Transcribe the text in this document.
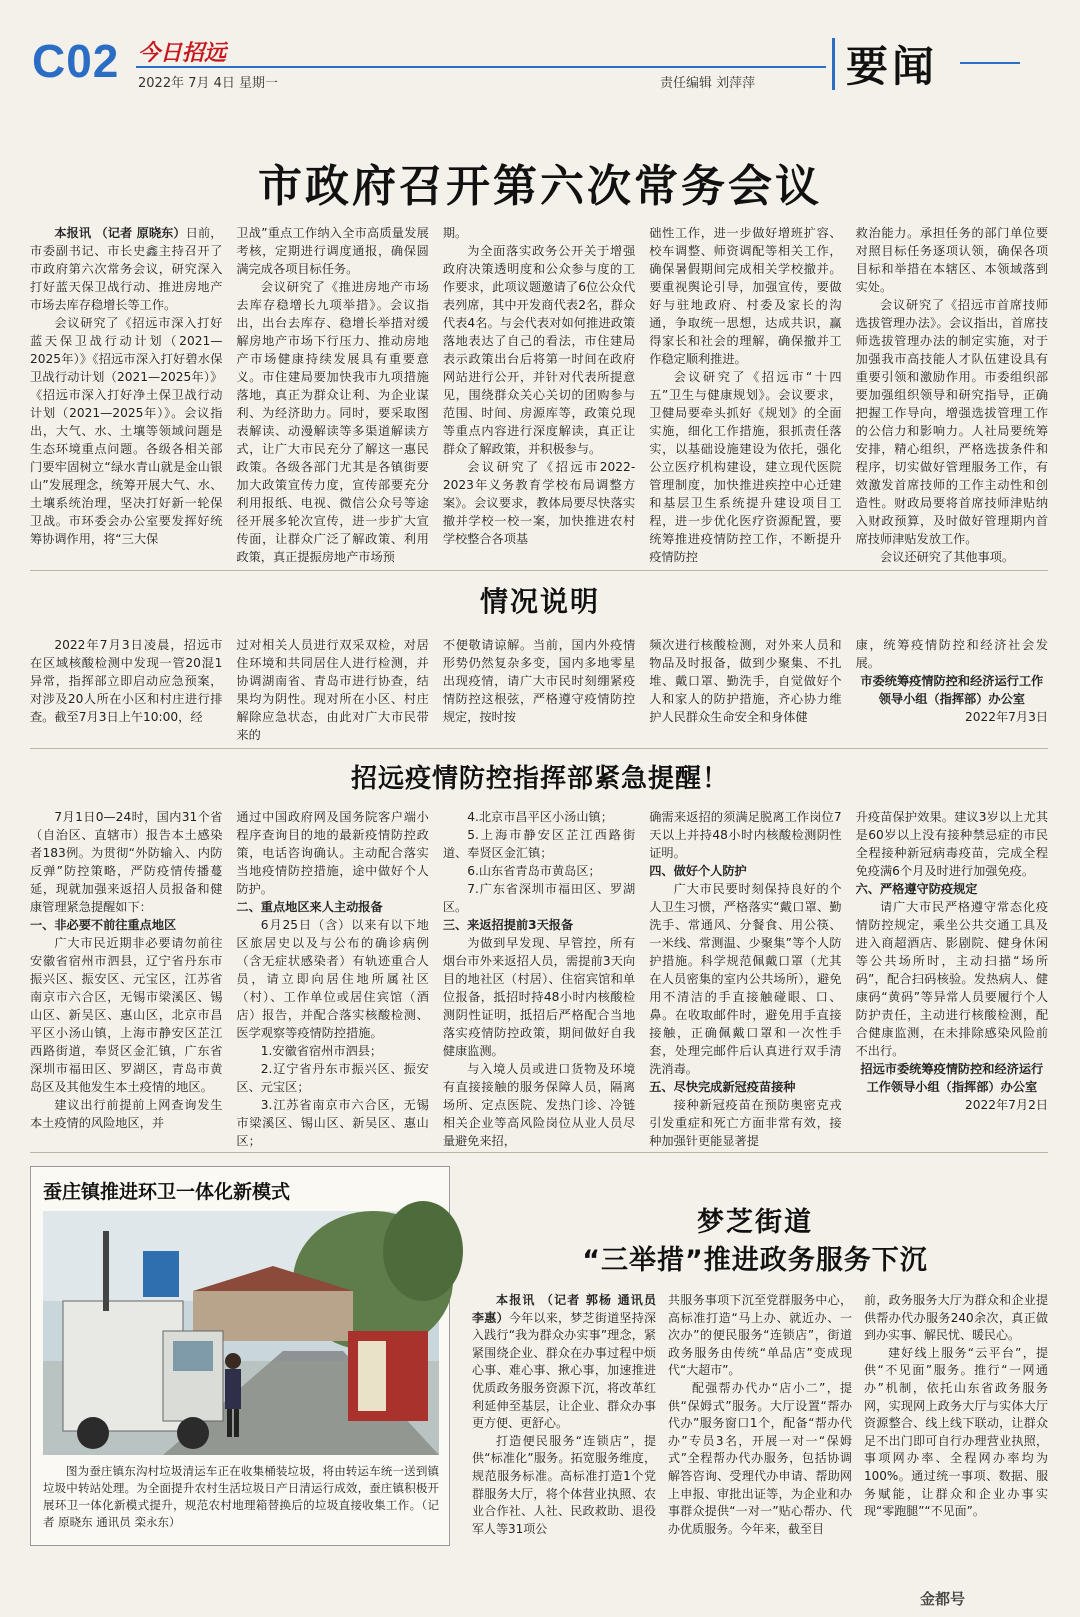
C02 今日招远
2022年 7月 4日 星期一	责任编辑 刘萍萍 要闻
市政府召开第六次常务会议

本报讯 （记者 原晓东）日前，市委副书记、市长史鑫主持召开了市政府第六次常务会议，研究深入打好蓝天保卫战行动、推进房地产市场去库存稳增长等工作。

会议研究了《招远市深入打好蓝天保卫战行动计划（2021—2025年）》《招远市深入打好碧水保卫战行动计划（2021—2025年）》《招远市深入打好净土保卫战行动计划（2021—2025年）》。会议指出，大气、水、土壤等领域问题是生态环境重点问题。各级各相关部门要牢固树立“绿水青山就是金山银山”发展理念，统筹开展大气、水、土壤系统治理，坚决打好新一轮保卫战。市环委会办公室要发挥好统筹协调作用，将“三大保

卫战”重点工作纳入全市高质量发展考核，定期进行调度通报，确保圆满完成各项目标任务。

会议研究了《推进房地产市场去库存稳增长九项举措》。会议指出，出台去库存、稳增长举措对缓解房地产市场下行压力、推动房地产市场健康持续发展具有重要意义。市住建局要加快我市九项措施落地，真正为群众让利、为企业谋利、为经济助力。同时，要采取图表解读、动漫解读等多渠道解读方式，让广大市民充分了解这一惠民政策。各级各部门尤其是各镇街要加大政策宣传力度，宣传部要充分利用报纸、电视、微信公众号等途径开展多轮次宣传，进一步扩大宣传面，让群众广泛了解政策、利用政策，真正提振房地产市场预

期。

为全面落实政务公开关于增强政府决策透明度和公众参与度的工作要求，此项议题邀请了6位公众代表列席，其中开发商代表2名，群众代表4名。与会代表对如何推进政策落地表达了自己的看法，市住建局表示政策出台后将第一时间在政府网站进行公开，并针对代表所提意见，围绕群众关心关切的团购参与范围、时间、房源库等，政策兑现等重点内容进行深度解读，真正让群众了解政策，并积极参与。

会议研究了《招远市2022-2023年义务教育学校布局调整方案》。会议要求，教体局要尽快落实撤并学校一校一案，加快推进农村学校整合各项基

础性工作，进一步做好增班扩容、校车调整、师资调配等相关工作，确保暑假期间完成相关学校撤并。要重视舆论引导，加强宣传，要做好与驻地政府、村委及家长的沟通，争取统一思想，达成共识，赢得家长和社会的理解，确保撤并工作稳定顺利推进。

会议研究了《招远市“十四五”卫生与健康规划》。会议要求，卫健局要牵头抓好《规划》的全面实施，细化工作措施，狠抓责任落实，以基础设施建设为依托，强化公立医疗机构建设，建立现代医院管理制度，加快推进疾控中心迁建和基层卫生系统提升建设项目工程，进一步优化医疗资源配置，要统筹推进疫情防控工作，不断提升疫情防控

救治能力。承担任务的部门单位要对照目标任务逐项认领，确保各项目标和举措在本辖区、本领域落到实处。

会议研究了《招远市首席技师选拔管理办法》。会议指出，首席技师选拔管理办法的制定实施，对于加强我市高技能人才队伍建设具有重要引领和激励作用。市委组织部要加强组织领导和研究指导，正确把握工作导向，增强选拔管理工作的公信力和影响力。人社局要统筹安排，精心组织，严格选拔条件和程序，切实做好管理服务工作，有效激发首席技师的工作主动性和创造性。财政局要将首席技师津贴纳入财政预算，及时做好管理期内首席技师津贴发放工作。

会议还研究了其他事项。

情况说明

2022年7月3日凌晨，招远市在区域核酸检测中发现一管20混1异常，指挥部立即启动应急预案，对涉及20人所在小区和村庄进行排查。截至7月3日上午10:00，经

过对相关人员进行双采双检，对居住环境和共同居住人进行检测，并协调湖南省、青岛市进行协查，结果均为阴性。现对所在小区、村庄解除应急状态，由此对广大市民带来的

不便敬请谅解。当前，国内外疫情形势仍然复杂多变，国内多地零星出现疫情，请广大市民时刻绷紧疫情防控这根弦，严格遵守疫情防控规定，按时按

频次进行核酸检测，对外来人员和物品及时报备，做到少聚集、不扎堆、戴口罩、勤洗手，自觉做好个人和家人的防护措施，齐心协力维护人民群众生命安全和身体健

康，统筹疫情防控和经济社会发展。

市委统筹疫情防控和经济运行工作领导小组（指挥部）办公室

2022年7月3日

招远疫情防控指挥部紧急提醒！

7月1日0—24时，国内31个省（自治区、直辖市）报告本土感染者183例。为贯彻“外防输入、内防反弹”防控策略，严防疫情传播蔓延，现就加强来返招人员报备和健康管理紧急提醒如下：

一、非必要不前往重点地区

广大市民近期非必要请勿前往安徽省宿州市泗县，辽宁省丹东市振兴区、振安区、元宝区，江苏省南京市六合区，无锡市梁溪区、锡山区、新吴区、惠山区，北京市昌平区小汤山镇，上海市静安区芷江西路街道，奉贤区金汇镇，广东省深圳市福田区、罗湖区，青岛市黄岛区及其他发生本土疫情的地区。

建议出行前提前上网查询发生本土疫情的风险地区，并

通过中国政府网及国务院客户端小程序查询目的地的最新疫情防控政策，电话咨询确认。主动配合落实当地疫情防控措施，途中做好个人防护。

二、重点地区来人主动报备

6月25日（含）以来有以下地区旅居史以及与公布的确诊病例（含无症状感染者）有轨迹重合人员，请立即向居住地所属社区（村）、工作单位或居住宾馆（酒店）报告，并配合落实核酸检测、医学观察等疫情防控措施。

1.安徽省宿州市泗县；

2.辽宁省丹东市振兴区、振安区、元宝区；

3.江苏省南京市六合区，无锡市梁溪区、锡山区、新吴区、惠山区；

4.北京市昌平区小汤山镇；

5.上海市静安区芷江西路街道、奉贤区金汇镇；

6.山东省青岛市黄岛区；

7.广东省深圳市福田区、罗湖区。

三、来返招提前3天报备

为做到早发现、早管控，所有烟台市外来返招人员，需提前3天向目的地社区（村居）、住宿宾馆和单位报备，抵招时持48小时内核酸检测阴性证明，抵招后严格配合当地落实疫情防控政策，期间做好自我健康监测。

与入境人员或进口货物及环境有直接接触的服务保障人员，隔离场所、定点医院、发热门诊、冷链相关企业等高风险岗位从业人员尽量避免来招，

确需来返招的须满足脱离工作岗位7天以上并持48小时内核酸检测阴性证明。

四、做好个人防护

广大市民要时刻保持良好的个人卫生习惯，严格落实“戴口罩、勤洗手、常通风、分餐食、用公筷、一米线、常测温、少聚集”等个人防护措施。科学规范佩戴口罩（尤其在人员密集的室内公共场所），避免用不清洁的手直接触碰眼、口、鼻。在收取邮件时，避免用手直接接触，正确佩戴口罩和一次性手套，处理完邮件后认真进行双手清洗消毒。

五、尽快完成新冠疫苗接种

接种新冠疫苗在预防奥密克戎引发重症和死亡方面非常有效，接种加强针更能显著提

升疫苗保护效果。建议3岁以上尤其是60岁以上没有接种禁忌症的市民全程接种新冠病毒疫苗，完成全程免疫满6个月及时进行加强免疫。

六、严格遵守防疫规定

请广大市民严格遵守常态化疫情防控规定，乘坐公共交通工具及进入商超酒店、影剧院、健身休闲等公共场所时，主动扫描“场所码”，配合扫码核验。发热病人、健康码“黄码”等异常人员要履行个人防护责任，主动进行核酸检测，配合健康监测，在未排除感染风险前不出行。

招远市委统筹疫情防控和经济运行工作领导小组（指挥部）办公室

2022年7月2日

蚕庄镇推进环卫一体化新模式
图为蚕庄镇东沟村垃圾清运车正在收集桶装垃圾，将由转运车统一送到镇垃圾中转站处理。为全面提升农村生活垃圾日产日清运行成效，蚕庄镇积极开展环卫一体化新模式提升，规范农村地理箱替换后的垃圾直接收集工作。（记者 原晓东 通讯员 栾永东）
梦芝街道
“三举措”推进政务服务下沉

本报讯 （记者 郭杨 通讯员 李惠）今年以来，梦芝街道坚持深入践行“我为群众办实事”理念，紧紧围绕企业、群众在办事过程中烦心事、难心事、揪心事，加速推进优质政务服务资源下沉，将改革红利延伸至基层，让企业、群众办事更方便、更舒心。

打造便民服务“连锁店”，提供“标准化”服务。拓宽服务维度，规范服务标准。高标准打造1个党群服务大厅，将个体营业执照、农业合作社、人社、民政救助、退役军人等31项公

共服务事项下沉至党群服务中心，高标准打造“马上办、就近办、一次办”的便民服务“连锁店”，街道政务服务由传统“单品店”变成现代“大超市”。

配强帮办代办“店小二”，提供“保姆式”服务。大厅设置“帮办代办”服务窗口1个，配备“帮办代办”专员3名，开展一对一“保姆式”全程帮办代办服务，包括协调解答咨询、受理代办申请、帮助网上申报、审批出证等，为企业和办事群众提供“一对一”贴心帮办、代办优质服务。今年来，截至目

前，政务服务大厅为群众和企业提供帮办代办服务240余次，真正做到办实事、解民忧、暖民心。

建好线上服务“云平台”，提供“不见面”服务。推行“一网通办”机制，依托山东省政务服务网，实现网上政务大厅与实体大厅资源整合、线上线下联动，让群众足不出门即可自行办理营业执照，事项网办率、全程网办率均为100%。通过统一事项、数据、服务赋能，让群众和企业办事实现“零跑腿”“不见面”。

金都号
